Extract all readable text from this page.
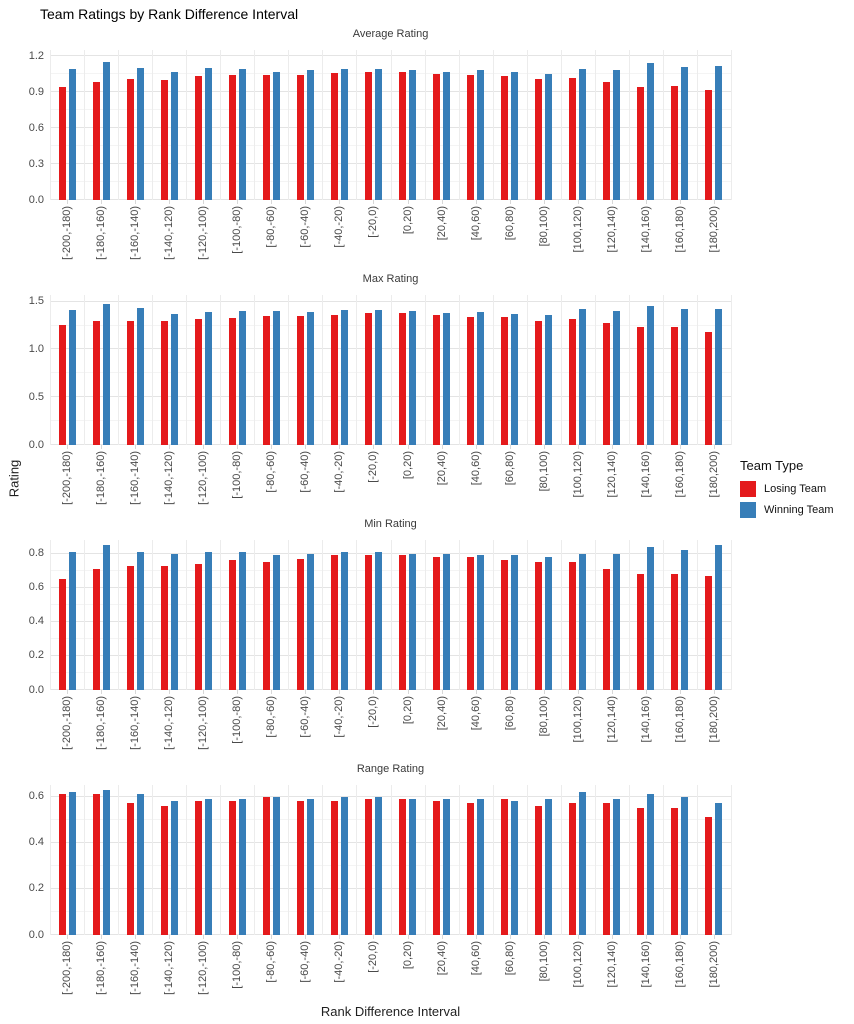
Team Ratings by Rank Difference Interval
Rating
Average Rating
0.0
0.3
0.6
0.9
1.2
[-200,-180) [-180,-160) [-160,-140) [-140,-120) [-120,-100) [-100,-80) [-80,-60) [-60,-40) [-40,-20) [-20,0) [0,20) [20,40) [40,60) [60,80) [80,100) [100,120) [120,140) [140,160) [160,180) [180,200)
Max Rating
0.0
0.5
1.0
1.5
[-200,-180) [-180,-160) [-160,-140) [-140,-120) [-120,-100) [-100,-80) [-80,-60) [-60,-40) [-40,-20) [-20,0) [0,20) [20,40) [40,60) [60,80) [80,100) [100,120) [120,140) [140,160) [160,180) [180,200)
Min Rating
0.0
0.2
0.4
0.6
0.8
[-200,-180) [-180,-160) [-160,-140) [-140,-120) [-120,-100) [-100,-80) [-80,-60) [-60,-40) [-40,-20) [-20,0) [0,20) [20,40) [40,60) [60,80) [80,100) [100,120) [120,140) [140,160) [160,180) [180,200)
Range Rating
0.0
0.2
0.4
0.6
[-200,-180) [-180,-160) [-160,-140) [-140,-120) [-120,-100) [-100,-80) [-80,-60) [-60,-40) [-40,-20) [-20,0) [0,20) [20,40) [40,60) [60,80) [80,100) [100,120) [120,140) [140,160) [160,180) [180,200)
Rank Difference Interval
Team Type
Losing Team
Winning Team
